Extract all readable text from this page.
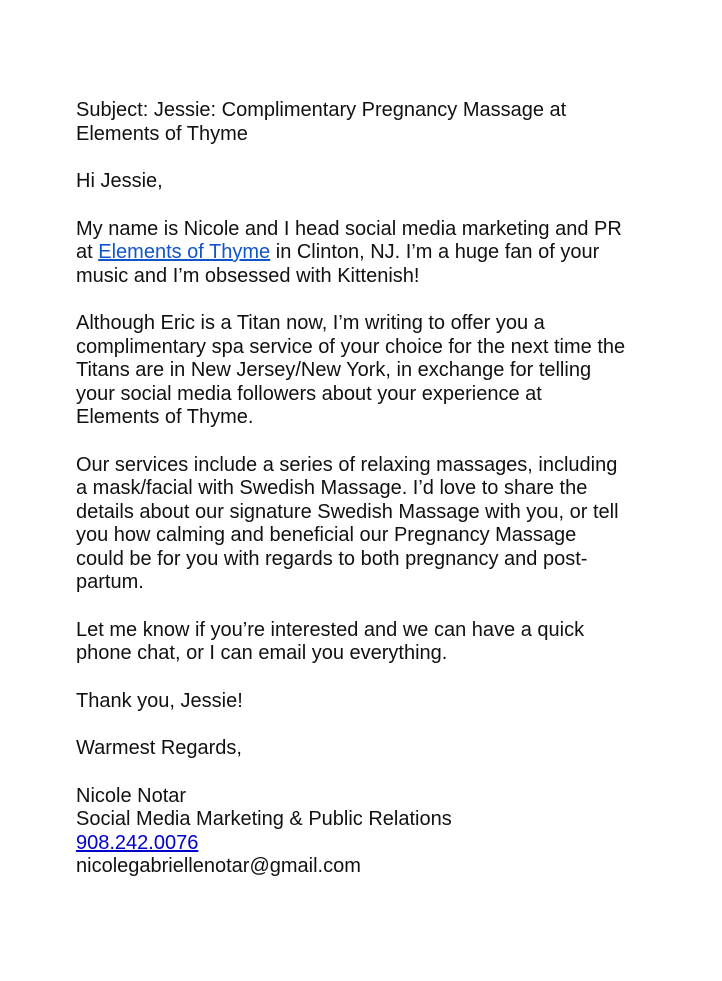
Subject: Jessie: Complimentary Pregnancy Massage at
Elements of Thyme

Hi Jessie,

My name is Nicole and I head social media marketing and PR
at Elements of Thyme in Clinton, NJ. I’m a huge fan of your
music and I’m obsessed with Kittenish!

Although Eric is a Titan now, I’m writing to offer you a
complimentary spa service of your choice for the next time the
Titans are in New Jersey/New York, in exchange for telling
your social media followers about your experience at
Elements of Thyme.

Our services include a series of relaxing massages, including
a mask/facial with Swedish Massage. I’d love to share the
details about our signature Swedish Massage with you, or tell
you how calming and beneficial our Pregnancy Massage
could be for you with regards to both pregnancy and post-
partum.

Let me know if you’re interested and we can have a quick
phone chat, or I can email you everything.

Thank you, Jessie!

Warmest Regards,

Nicole Notar
Social Media Marketing & Public Relations
908.242.0076
nicolegabriellenotar@gmail.com
